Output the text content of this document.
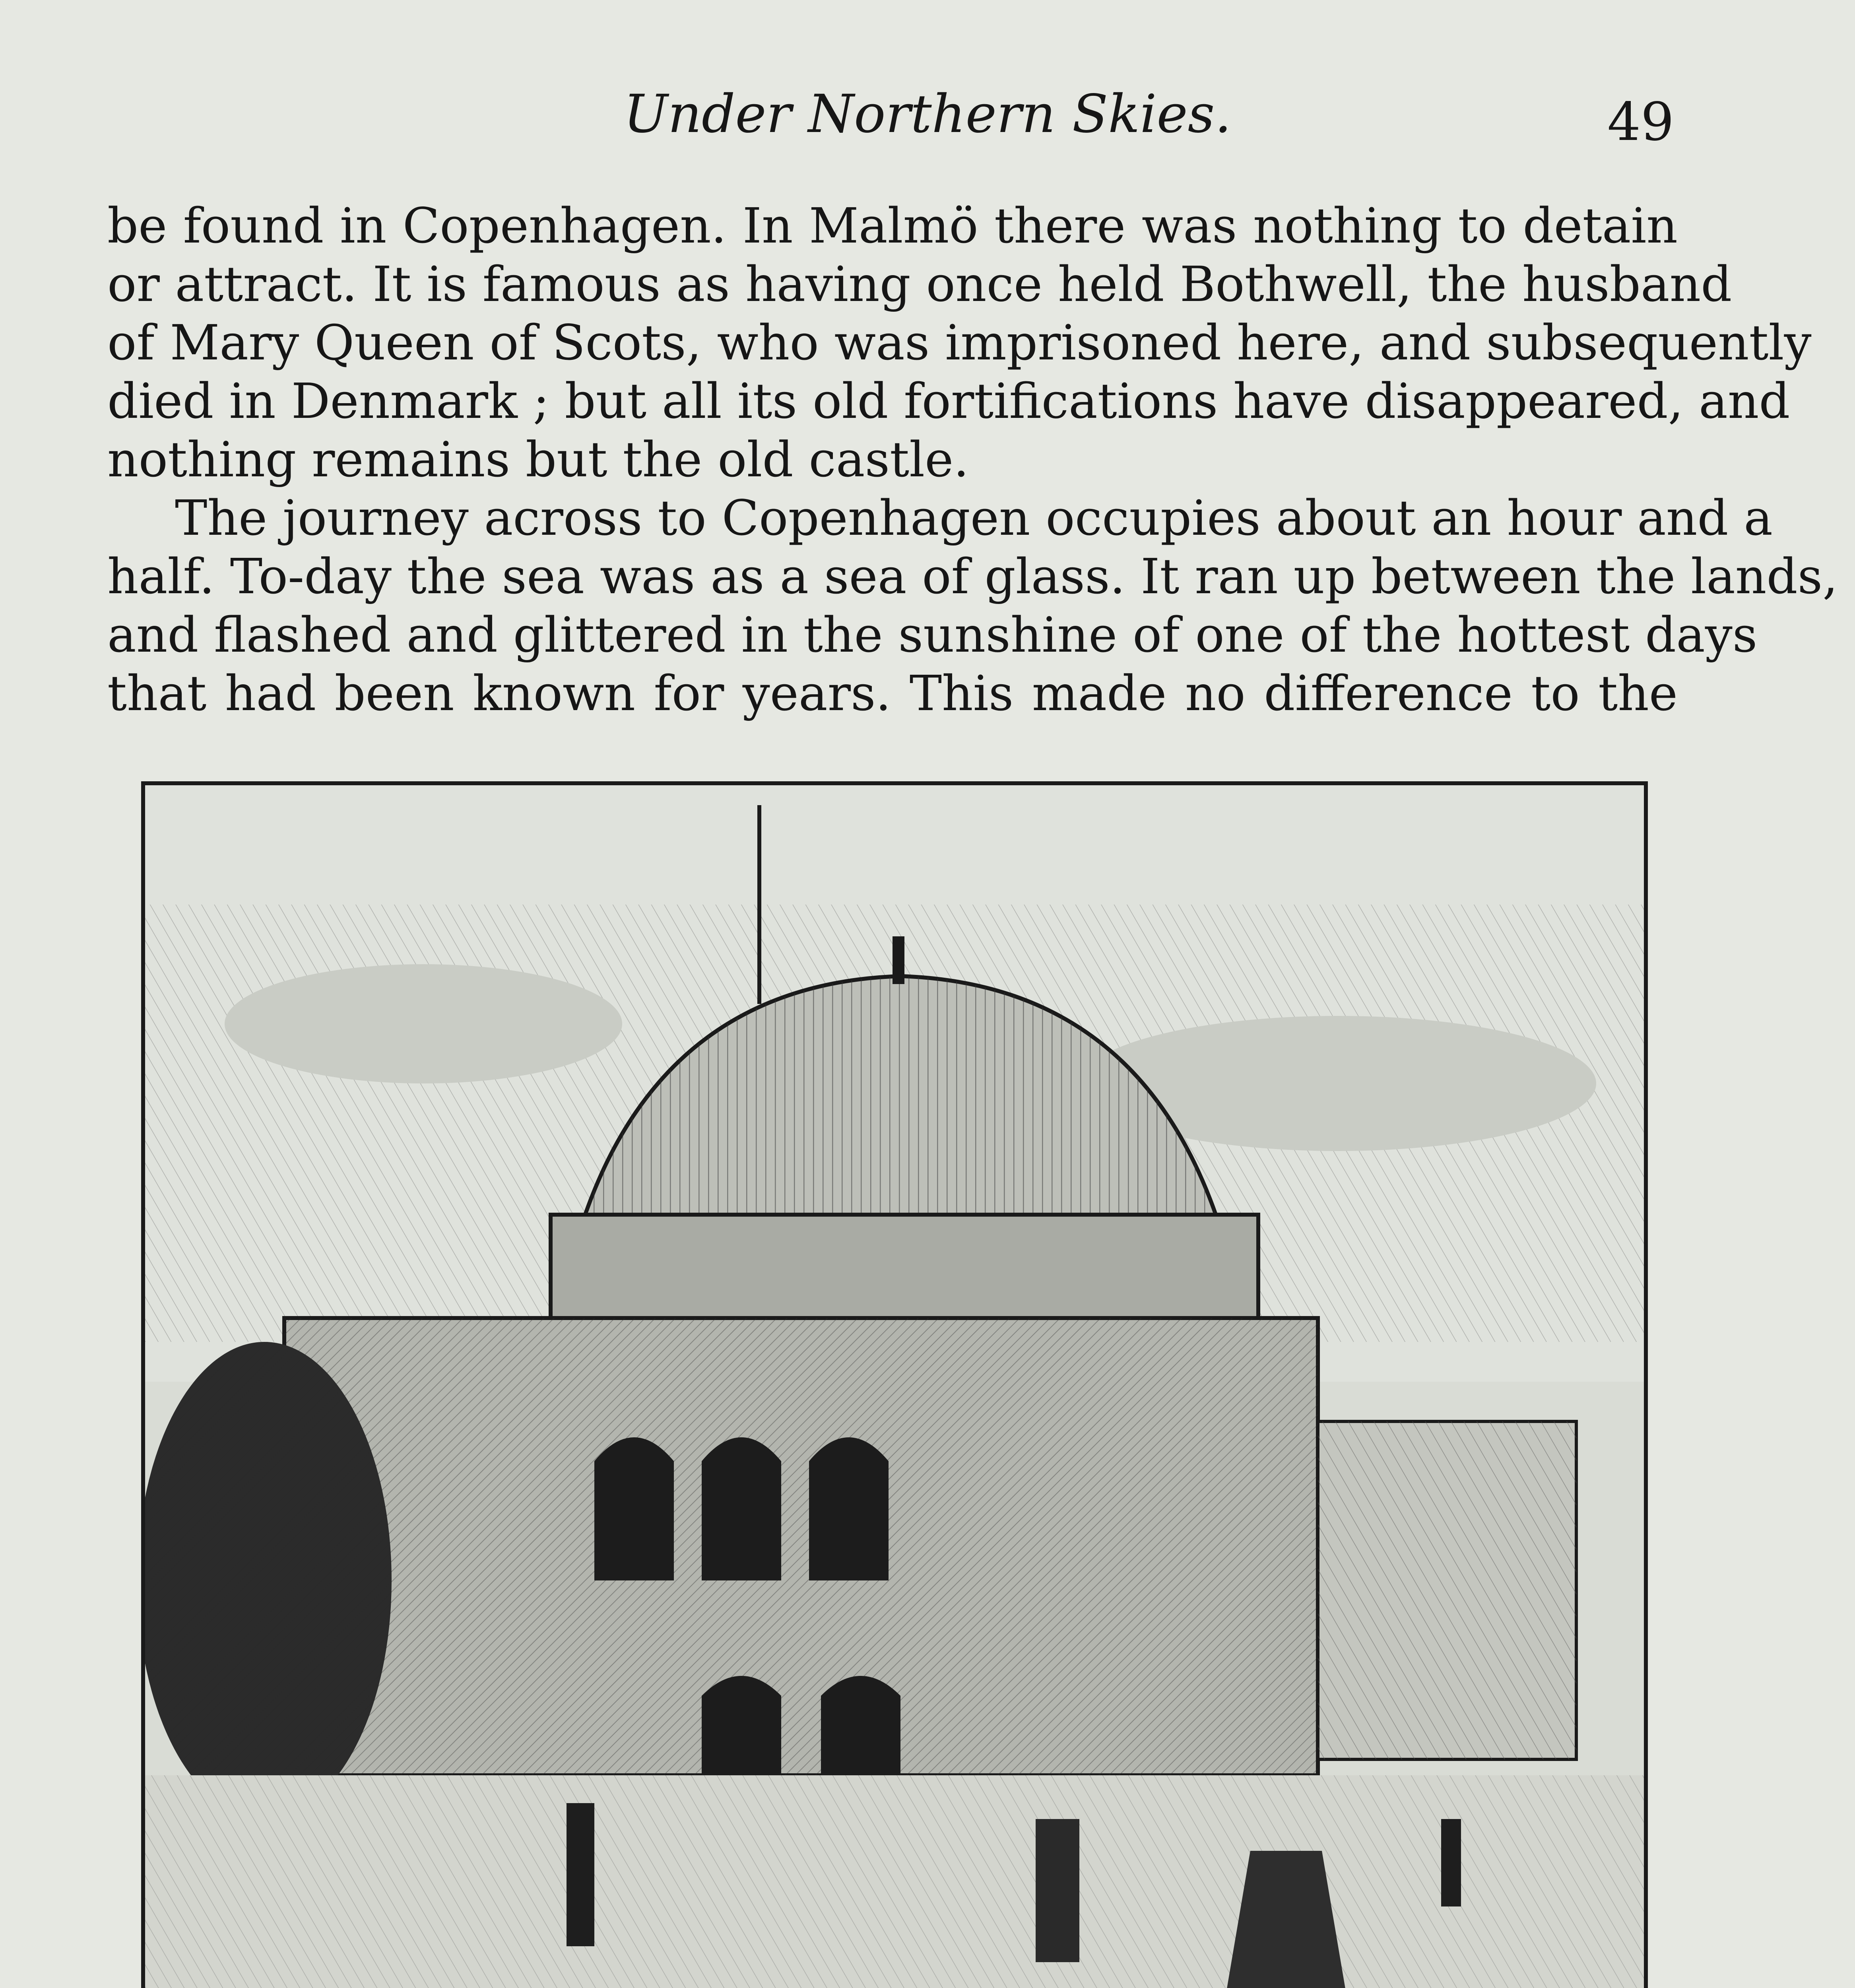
Under Northern Skies.	49
be found in Copenhagen. In Malmö there was nothing to detain
or attract. It is famous as having once held Bothwell, the husband
of Mary Queen of Scots, who was imprisoned here, and subsequently
died in Denmark ; but all its old fortifications have disappeared, and
nothing remains but the old castle.
The journey across to Copenhagen occupies about an hour and a
half. To-day the sea was as a sea of glass. It ran up between the lands,
and flashed and glittered in the sunshine of one of the hottest days
that had been known for years. This made no difference to the
